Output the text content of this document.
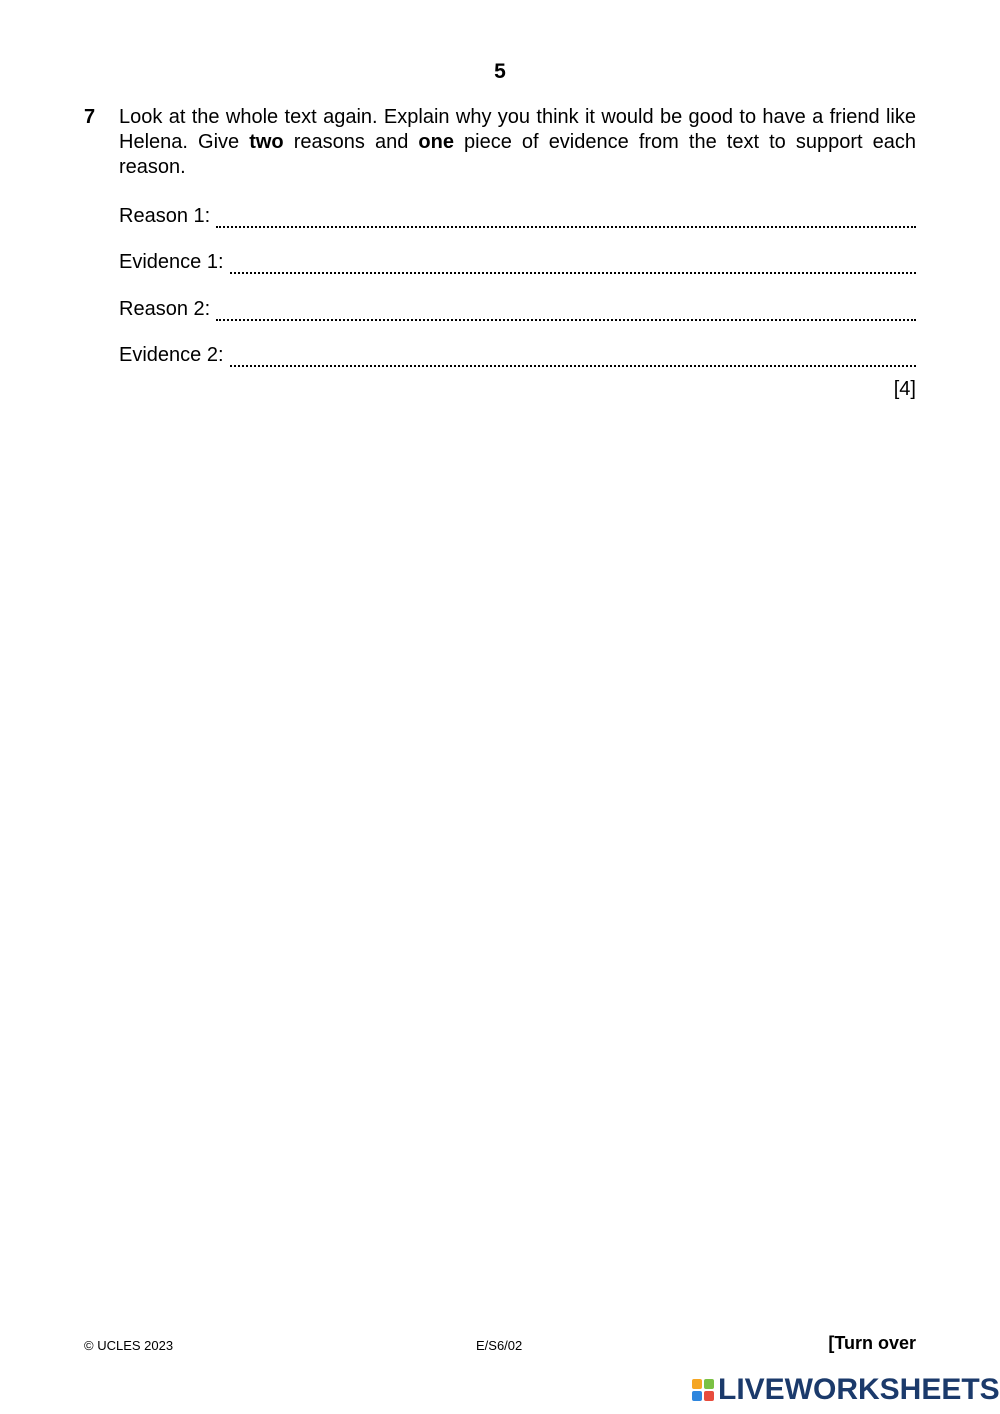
5
7 Look at the whole text again. Explain why you think it would be good to have a friend like Helena. Give two reasons and one piece of evidence from the text to support each reason.
Reason 1:
Evidence 1:
Reason 2:
Evidence 2:
[4]
© UCLES 2023	E/S6/02	[Turn over
LIVEWORKSHEETS
